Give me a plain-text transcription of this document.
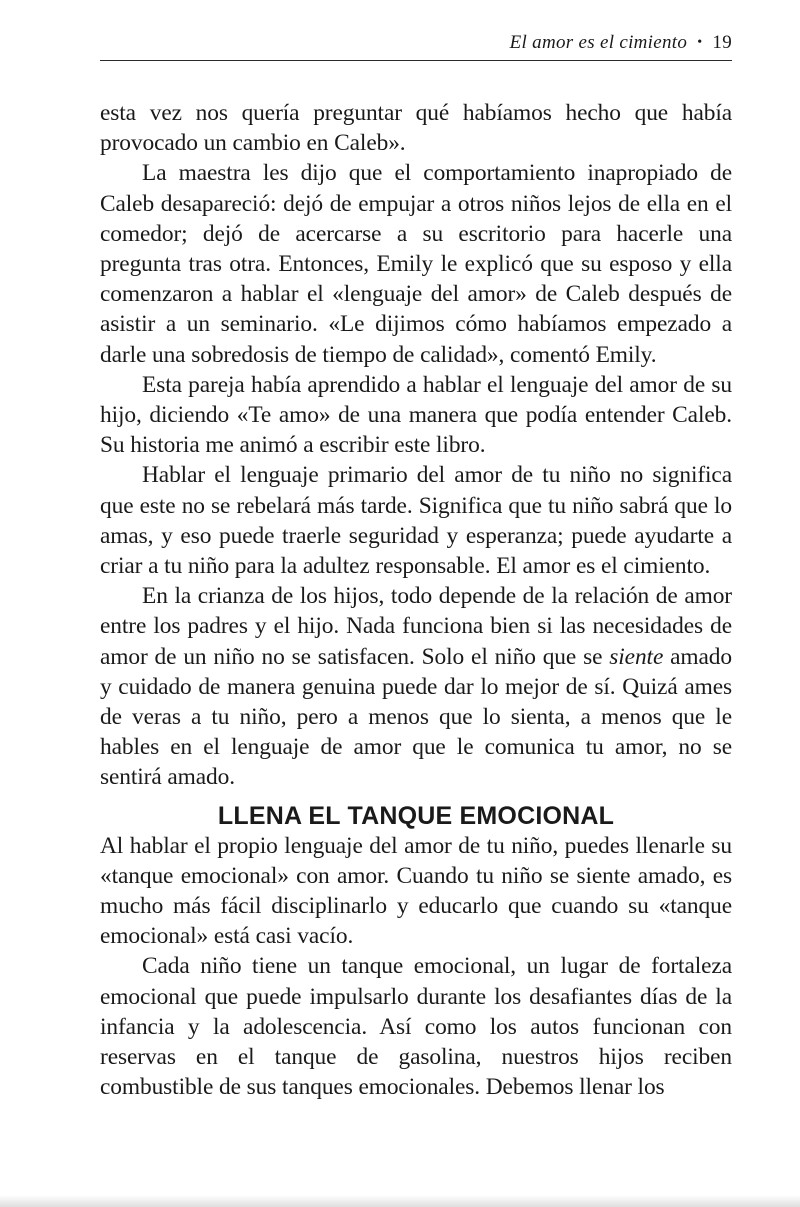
El amor es el cimiento • 19

esta vez nos quería preguntar qué habíamos hecho que había provocado un cambio en Caleb».

La maestra les dijo que el comportamiento inapropiado de Caleb desapareció: dejó de empujar a otros niños lejos de ella en el comedor; dejó de acercarse a su escritorio para hacerle una pregunta tras otra. Entonces, Emily le explicó que su esposo y ella comenzaron a hablar el «lenguaje del amor» de Caleb después de asistir a un seminario. «Le dijimos cómo habíamos empezado a darle una sobredosis de tiempo de calidad», comentó Emily.

Esta pareja había aprendido a hablar el lenguaje del amor de su hijo, diciendo «Te amo» de una manera que podía entender Caleb. Su historia me animó a escribir este libro.

Hablar el lenguaje primario del amor de tu niño no significa que este no se rebelará más tarde. Significa que tu niño sabrá que lo amas, y eso puede traerle seguridad y esperanza; puede ayudarte a criar a tu niño para la adultez responsable. El amor es el cimiento.

En la crianza de los hijos, todo depende de la relación de amor entre los padres y el hijo. Nada funciona bien si las necesidades de amor de un niño no se satisfacen. Solo el niño que se siente amado y cuidado de manera genuina puede dar lo mejor de sí. Quizá ames de veras a tu niño, pero a menos que lo sienta, a menos que le hables en el lenguaje de amor que le comunica tu amor, no se sentirá amado.

LLENA EL TANQUE EMOCIONAL

Al hablar el propio lenguaje del amor de tu niño, puedes llenarle su «tanque emocional» con amor. Cuando tu niño se siente amado, es mucho más fácil disciplinarlo y educarlo que cuando su «tanque emocional» está casi vacío.

Cada niño tiene un tanque emocional, un lugar de fortaleza emocional que puede impulsarlo durante los desafiantes días de la infancia y la adolescencia. Así como los autos funcionan con reservas en el tanque de gasolina, nuestros hijos reciben combustible de sus tanques emocionales. Debemos llenar los
